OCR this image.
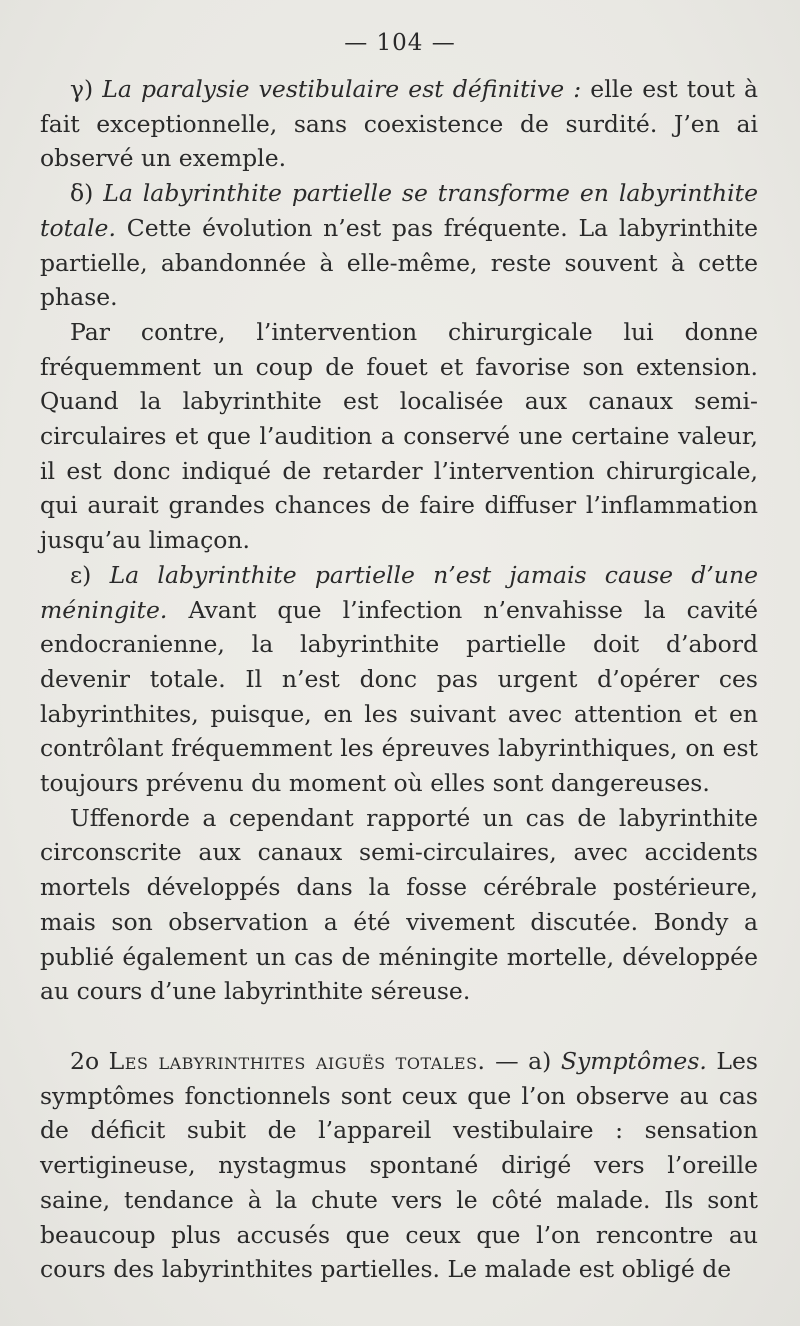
— 104 —

γ) La paralysie vestibulaire est définitive : elle est tout à fait exceptionnelle, sans coexistence de surdité. J’en ai observé un exemple.

δ) La labyrinthite partielle se transforme en labyrinthite totale. Cette évolution n’est pas fréquente. La labyrinthite partielle, abandonnée à elle-même, reste souvent à cette phase.

Par contre, l’intervention chirurgicale lui donne fréquemment un coup de fouet et favorise son extension. Quand la labyrinthite est localisée aux canaux semi-circulaires et que l’audition a conservé une certaine valeur, il est donc indiqué de retarder l’intervention chirurgicale, qui aurait grandes chances de faire diffuser l’inflammation jusqu’au limaçon.

ε) La labyrinthite partielle n’est jamais cause d’une méningite. Avant que l’infection n’envahisse la cavité endocranienne, la labyrinthite partielle doit d’abord devenir totale. Il n’est donc pas urgent d’opérer ces labyrinthites, puisque, en les suivant avec attention et en contrôlant fréquemment les épreuves labyrinthiques, on est toujours prévenu du moment où elles sont dangereuses.

Uffenorde a cependant rapporté un cas de labyrinthite circonscrite aux canaux semi-circulaires, avec accidents mortels développés dans la fosse cérébrale postérieure, mais son observation a été vivement discutée. Bondy a publié également un cas de méningite mortelle, développée au cours d’une labyrinthite séreuse.

2o Les labyrinthites aiguës totales. — a) Symptômes. Les symptômes fonctionnels sont ceux que l’on observe au cas de déficit subit de l’appareil vestibulaire : sensation vertigineuse, nystagmus spontané dirigé vers l’oreille saine, tendance à la chute vers le côté malade. Ils sont beaucoup plus accusés que ceux que l’on rencontre au cours des labyrinthites partielles. Le malade est obligé de
